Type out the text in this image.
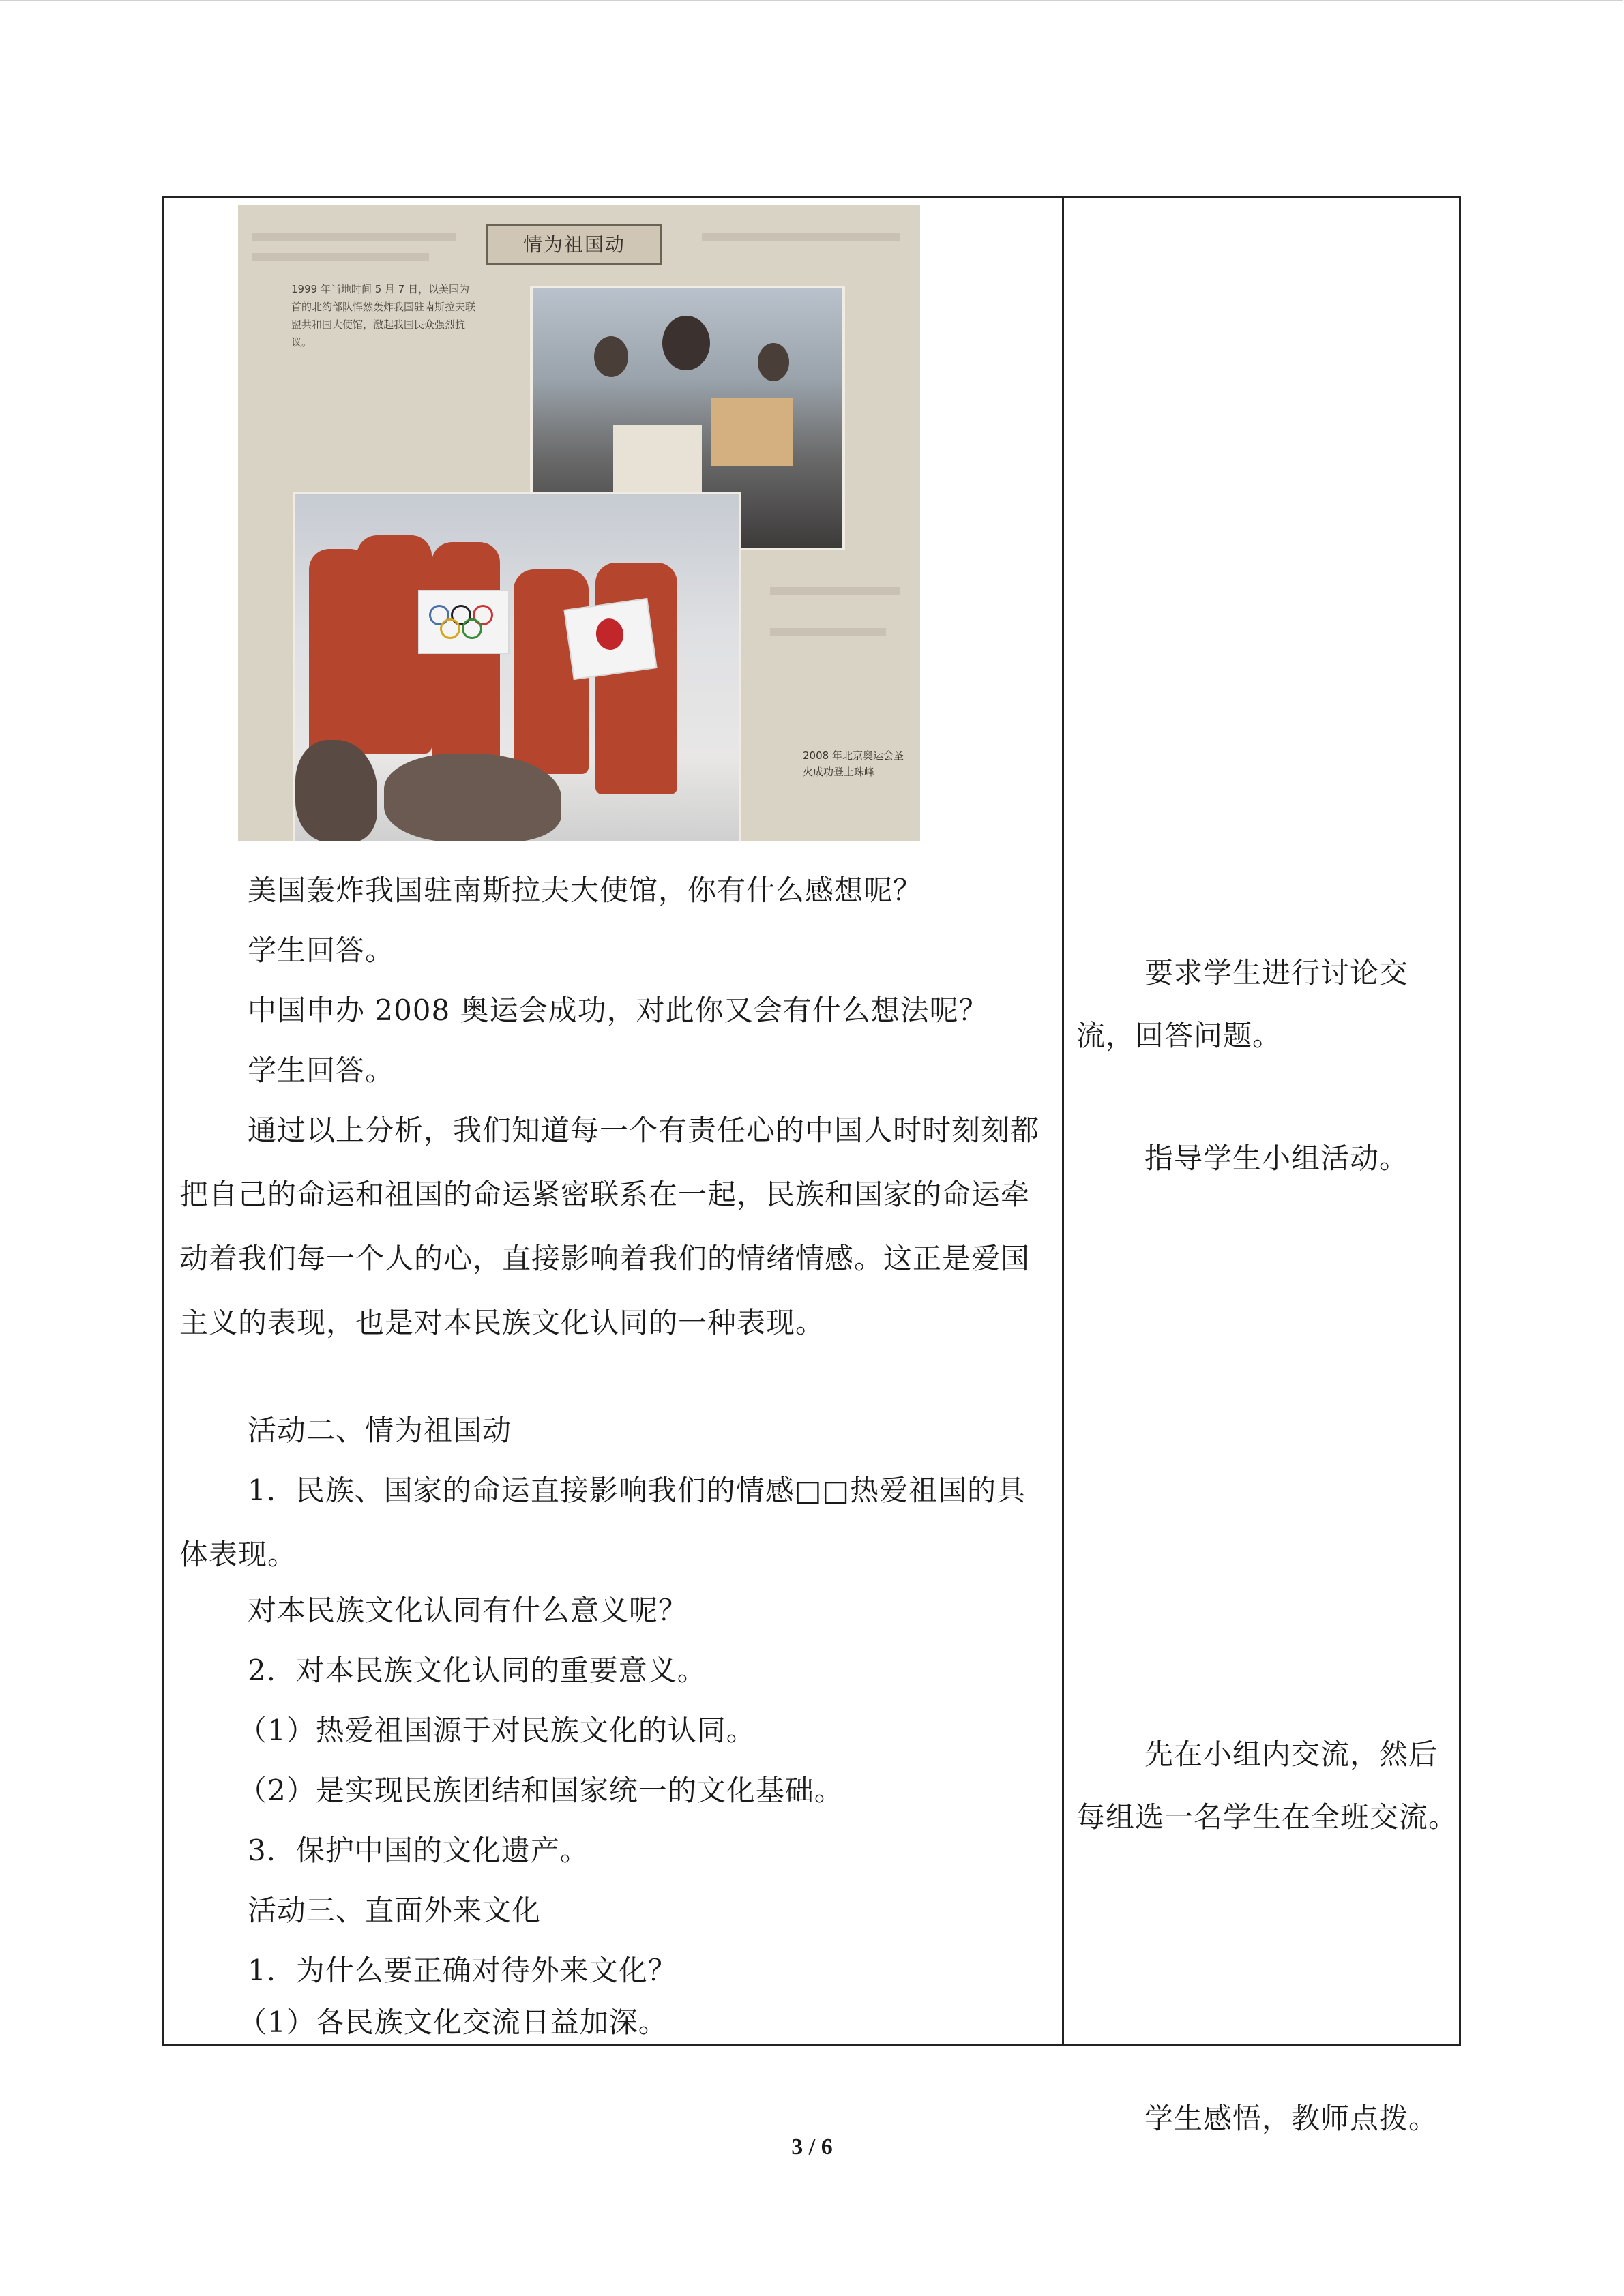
情为祖国动
1999 年当地时间 5 月 7 日，以美国为首的北约部队悍然轰炸我国驻南斯拉夫联盟共和国大使馆，激起我国民众强烈抗议。
2008 年北京奥运会圣火成功登上珠峰

美国轰炸我国驻南斯拉夫大使馆，你有什么感想呢？

学生回答。

中国申办 2008 奥运会成功，对此你又会有什么想法呢？

学生回答。

通过以上分析，我们知道每一个有责任心的中国人时时刻刻都把自己的命运和祖国的命运紧密联系在一起，民族和国家的命运牵动着我们每一个人的心，直接影响着我们的情绪情感。这正是爱国主义的表现，也是对本民族文化认同的一种表现。

活动二、情为祖国动

1．民族、国家的命运直接影响我们的情感□□热爱祖国的具体表现。

对本民族文化认同有什么意义呢？

2．对本民族文化认同的重要意义。

（1）热爱祖国源于对民族文化的认同。

（2）是实现民族团结和国家统一的文化基础。

3．保护中国的文化遗产。

活动三、直面外来文化

1．为什么要正确对待外来文化？

（1）各民族文化交流日益加深。

要求学生进行讨论交流，回答问题。

指导学生小组活动。

先在小组内交流，然后每组选一名学生在全班交流。

学生感悟，教师点拨。

3 / 6
